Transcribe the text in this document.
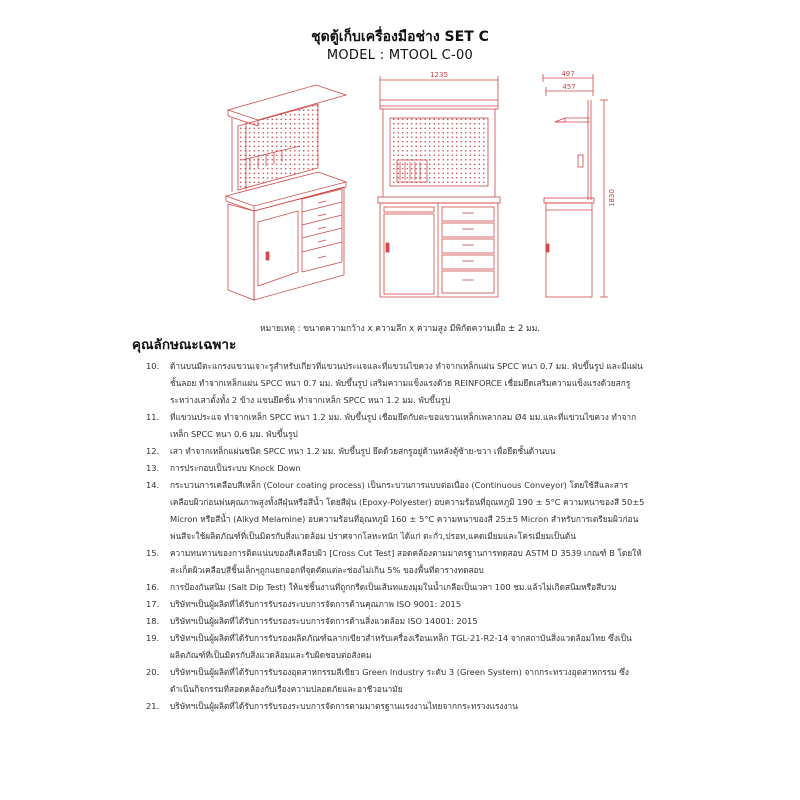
ชุดตู้เก็บเครื่องมือช่าง SET C
MODEL : MTOOL C-00
1235	497
457
1830
หมายเหตุ : ขนาดความกว้าง x ความลึก x ความสูง มีพิกัดความเผื่อ ± 2 มม.
คุณลักษณะเฉพาะ
10.	ด้านบนมีตะแกรงแขวนเจาะรูสำหรับเกี่ยวที่แขวนประแจและที่แขวนไขควง ทำจากเหล็กแผ่น SPCC หนา 0.7 มม. พับขึ้นรูป และมีแผ่นชั้นลอย ทำจากเหล็กแผ่น SPCC หนา 0.7 มม. พับขึ้นรูป เสริมความแข็งแรงด้วย REINFORCE เชื่อมยึดเสริมความแข็งแรงด้วยสกรู ระหว่างเสาตั้งทั้ง 2 ข้าง แขนยึดชั้น ทำจากเหล็ก SPCC หนา 1.2 มม. พับขึ้นรูป
11.	ที่แขวนประแจ ทำจากเหล็ก SPCC หนา 1.2 มม. พับขึ้นรูป เชื่อมยึดกับตะขอแขวนเหล็กเพลากลม Ø4 มม.และที่แขวนไขควง ทำจากเหล็ก SPCC หนา 0.6 มม. พับขึ้นรูป
12.	เสา ทำจากเหล็กแผ่นชนิด SPCC หนา 1.2 มม. พับขึ้นรูป ยึดด้วยสกรูอยู่ด้านหลังตู้ซ้าย-ขวา เพื่อยึดชั้นด้านบน
13.	การประกอบเป็นระบบ Knock Down
14.	กระบวนการเคลือบสีเหล็ก (Colour coating process) เป็นกระบวนการแบบต่อเนื่อง (Continuous Conveyor) โดยใช้สีและสารเคลือบผิวก่อนพ่นคุณภาพสูงทั้งสีฝุ่นหรือสีน้ำ โดยสีฝุ่น (Epoxy-Polyester) อบความร้อนที่อุณหภูมิ 190 ± 5°C ความหนาของสี 50±5 Micron หรือสีน้ำ (Alkyd Melamine) อบความร้อนที่อุณหภูมิ 160 ± 5°C ความหนาของสี 25±5 Micron สำหรับการเตรียมผิวก่อนพ่นสีจะใช้ผลิตภัณฑ์ที่เป็นมิตรกับสิ่งแวดล้อม ปราศจากโลหะหนัก ได้แก่ ตะกั่ว,ปรอท,แคดเมี่ยมและโครเมี่ยมเป็นต้น
15.	ความทนทานของการติดแน่นของสีเคลือบผิว [Cross Cut Test] สอดคล้องตามมาตรฐานการทดสอบ ASTM D 3539 เกณฑ์ B โดยให้สะเก็ดผิวเคลือบสีชิ้นเล็กๆถูกแยกออกที่จุดตัดแต่ละช่องไม่เกิน 5% ของพื้นที่ตารางทดสอบ
16.	การป้องกันสนิม (Salt Dip Test) ให้แช่ชิ้นงานที่ถูกกรีดเป็นเส้นทแยงมุมในน้ำเกลือเป็นเวลา 100 ชม.แล้วไม่เกิดสนิมหรือสีบวม
17.	บริษัทฯเป็นผู้ผลิตที่ได้รับการรับรองระบบการจัดการด้านคุณภาพ ISO 9001: 2015
18.	บริษัทฯเป็นผู้ผลิตที่ได้รับการรับรองระบบการจัดการด้านสิ่งแวดล้อม ISO 14001: 2015
19.	บริษัทฯเป็นผู้ผลิตที่ได้รับการรับรองผลิตภัณฑ์ฉลากเขียวสำหรับเครื่องเรือนเหล็ก TGL-21-R2-14 จากสถาบันสิ่งแวดล้อมไทย ซึ่งเป็นผลิตภัณฑ์ที่เป็นมิตรกับสิ่งแวดล้อมและรับผิดชอบต่อสังคม
20.	บริษัทฯเป็นผู้ผลิตที่ได้รับการรับรองอุตสาหกรรมสีเขียว Green Industry ระดับ 3 (Green System) จากกระทรวงอุตสาหกรรม ซึ่งดำเนินกิจกรรมที่สอดคล้องกับเรื่องความปลอดภัยและอาชีวอนามัย
21.	บริษัทฯเป็นผู้ผลิตที่ได้รับการรับรองระบบการจัดการตามมาตรฐานแรงงานไทยจากกระทรวงแรงงาน
